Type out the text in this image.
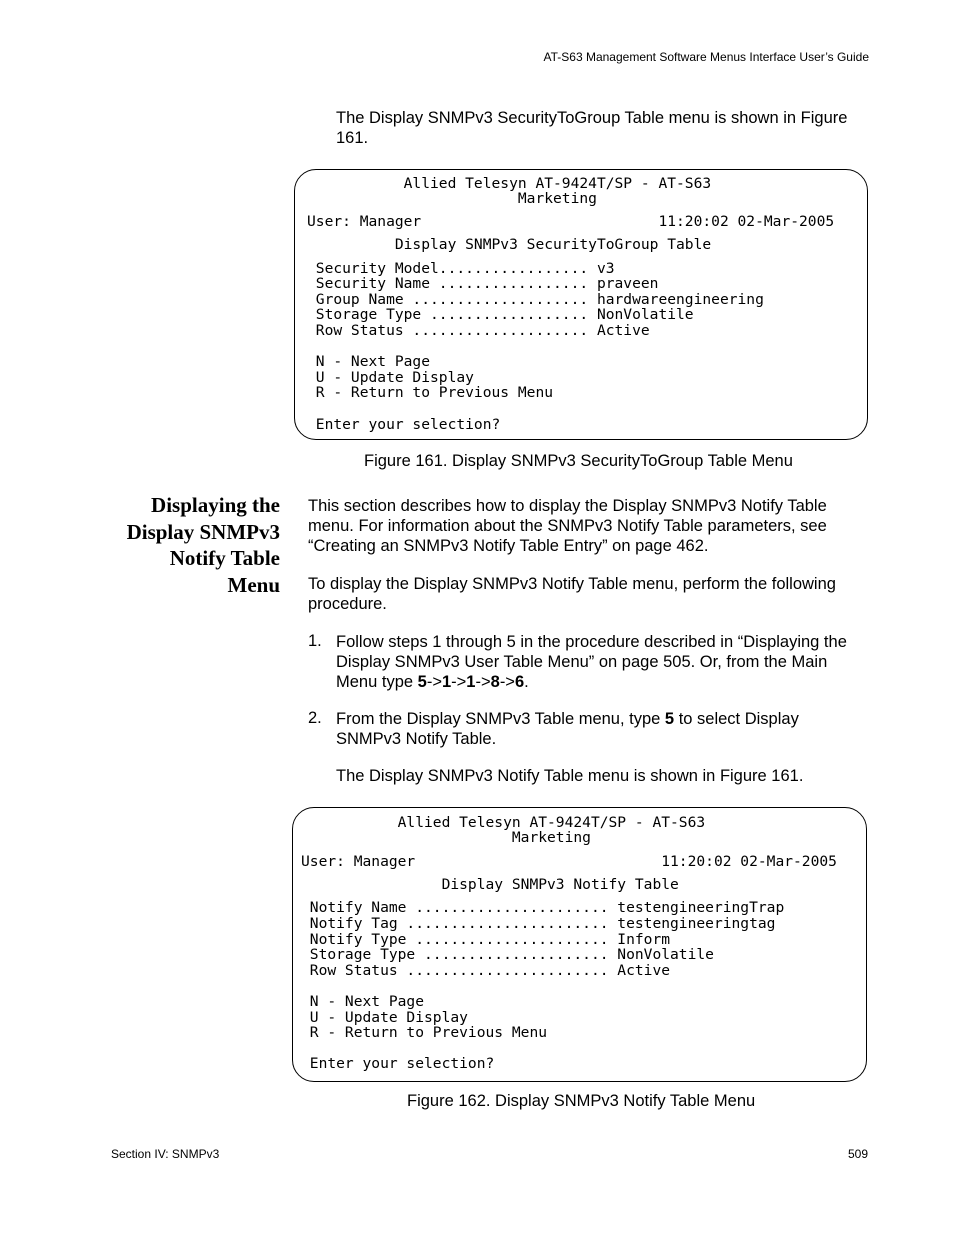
AT-S63 Management Software Menus Interface User’s Guide
The Display SNMPv3 SecurityToGroup Table menu is shown in Figure
161.
Allied Telesyn AT-9424T/SP - AT-S63
Marketing
User: Manager                           11:20:02 02-Mar-2005
Display SNMPv3 SecurityToGroup Table
Security Model................. v3
Security Name ................. praveen
Group Name .................... hardwareengineering
Storage Type .................. NonVolatile
Row Status .................... Active
N - Next Page
U - Update Display
R - Return to Previous Menu
Enter your selection?
Figure 161. Display SNMPv3 SecurityToGroup Table Menu
Displaying the
Display SNMPv3
Notify Table
Menu
This section describes how to display the Display SNMPv3 Notify Table
menu. For information about the SNMPv3 Notify Table parameters, see
“Creating an SNMPv3 Notify Table Entry” on page 462.
To display the Display SNMPv3 Notify Table menu, perform the following
procedure.
1. Follow steps 1 through 5 in the procedure described in “Displaying the
Display SNMPv3 User Table Menu” on page 505. Or, from the Main
Menu type 5->1->1->8->6.
2. From the Display SNMPv3 Table menu, type 5 to select Display
SNMPv3 Notify Table.
The Display SNMPv3 Notify Table menu is shown in Figure 161.
Allied Telesyn AT-9424T/SP - AT-S63
Marketing
User: Manager                            11:20:02 02-Mar-2005
Display SNMPv3 Notify Table
Notify Name ...................... testengineeringTrap
Notify Tag ....................... testengineeringtag
Notify Type ...................... Inform
Storage Type ..................... NonVolatile
Row Status ....................... Active
N - Next Page
U - Update Display
R - Return to Previous Menu
Enter your selection?
Figure 162. Display SNMPv3 Notify Table Menu
Section IV: SNMPv3	509
